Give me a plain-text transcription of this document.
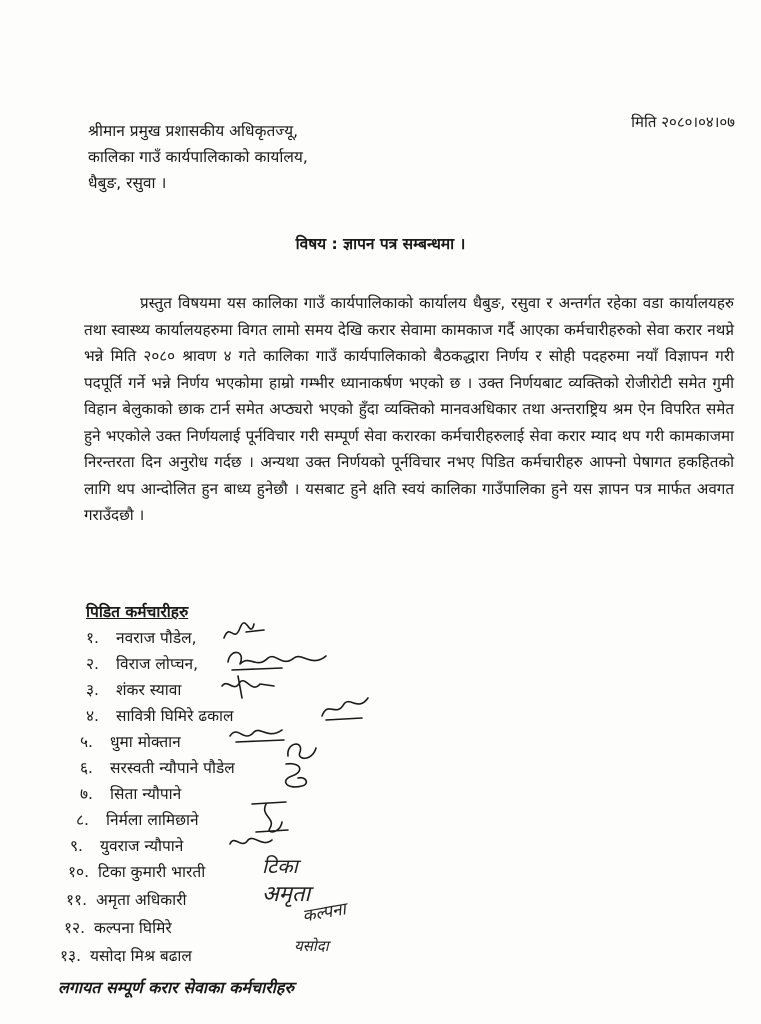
मिति २०८०।०४।०७
श्रीमान प्रमुख प्रशासकीय अधिकृतज्यू,
कालिका गाउँ कार्यपालिकाको कार्यालय,
धैबुङ, रसुवा ।
विषय : ज्ञापन पत्र सम्बन्धमा ।
प्रस्तुत विषयमा यस कालिका गाउँ कार्यपालिकाको कार्यालय धैबुङ, रसुवा र अन्तर्गत रहेका वडा कार्यालयहरु तथा स्वास्थ्य कार्यालयहरुमा विगत लामो समय देखि करार सेवामा कामकाज गर्दै आएका कर्मचारीहरुको सेवा करार नथप्ने भन्ने मिति २०८० श्रावण ४ गते कालिका गाउँ कार्यपालिकाको बैठकद्धारा निर्णय र सोही पदहरुमा नयाँ विज्ञापन गरी पदपूर्ति गर्ने भन्ने निर्णय भएकोमा हाम्रो गम्भीर ध्यानाकर्षण भएको छ । उक्त निर्णयबाट व्यक्तिको रोजीरोटी समेत गुमी विहान बेलुकाको छाक टार्न समेत अप्ठ्यरो भएको हुँदा व्यक्तिको मानवअधिकार तथा अन्तराष्ट्रिय श्रम ऐन विपरित समेत हुने भएकोले उक्त निर्णयलाई पूर्नविचार गरी सम्पूर्ण सेवा करारका कर्मचारीहरुलाई सेवा करार म्याद थप गरी कामकाजमा निरन्तरता दिन अनुरोध गर्दछ । अन्यथा उक्त निर्णयको पूर्नविचार नभए पिडित कर्मचारीहरु आफ्नो पेषागत हकहितको लागि थप आन्दोलित हुन बाध्य हुनेछौ । यसबाट हुने क्षति स्वयं कालिका गाउँपालिका हुने यस ज्ञापन पत्र मार्फत अवगत गराउँदछौ ।
पिडित कर्मचारीहरु
१. नवराज पौडेल,
२. विराज लोप्चन,
३. शंकर स्यावा
४. सावित्री घिमिरे ढकाल
५. धुमा मोक्तान
६. सरस्वती न्यौपाने पौडेल
७. सिता न्यौपाने
८. निर्मला लामिछाने
९. युवराज न्यौपाने
१०. टिका कुमारी भारती
११. अमृता अधिकारी
१२. कल्पना घिमिरे
१३. यसोदा मिश्र बढाल
टिका
अमृता
कल्पना
यसोदा
लगायत सम्पूर्ण करार सेवाका कर्मचारीहरु
